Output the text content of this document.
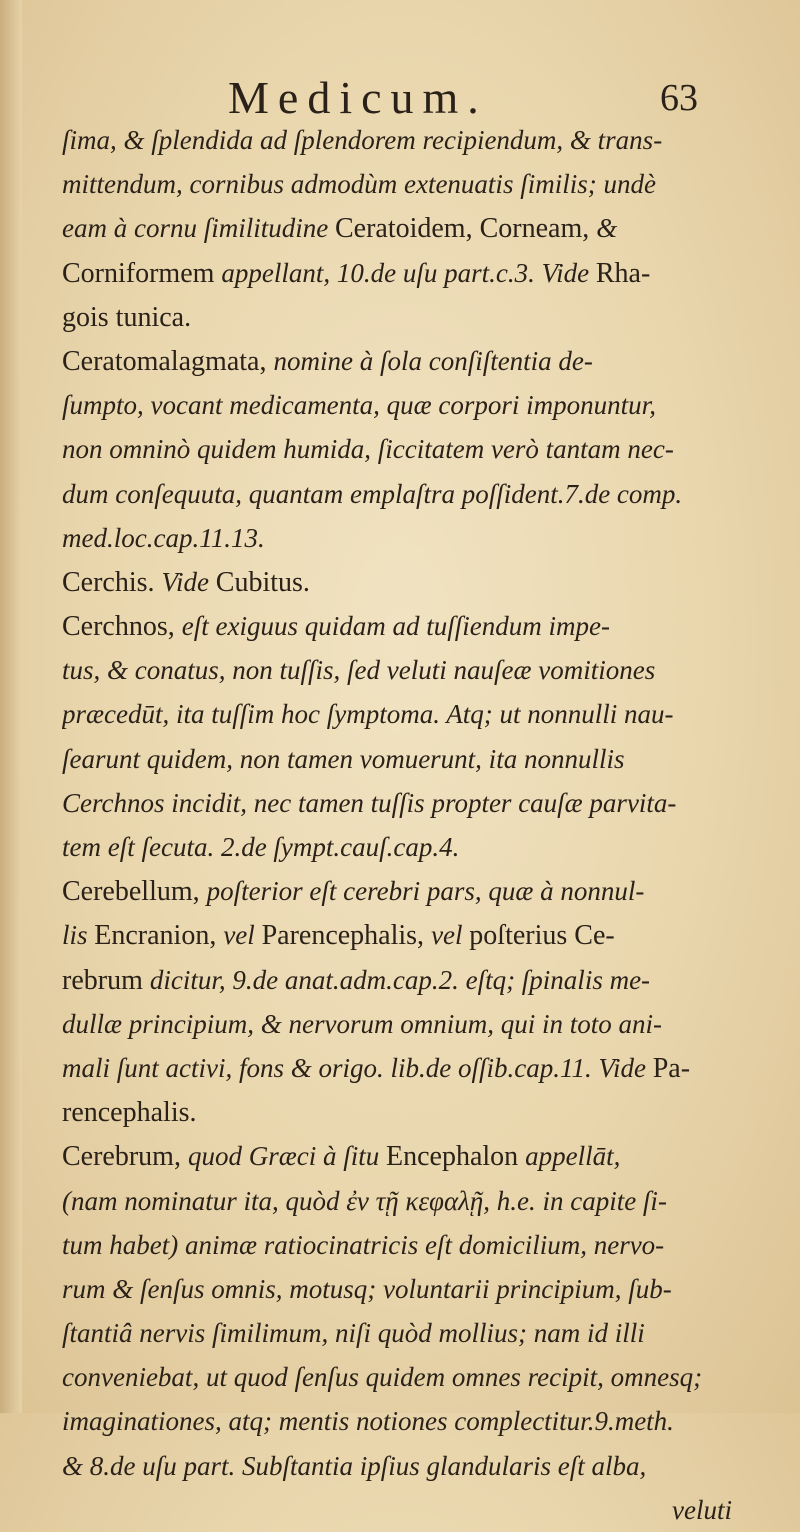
Medicum.	63
ſima, & ſplendida ad ſplendorem recipiendum, & trans-
mittendum, cornibus admodùm extenuatis ſimilis; undè
eam à cornu ſimilitudine Ceratoidem, Corneam, &
Corniformem appellant, 10.de uſu part.c.3. Vide Rha-
gois tunica.
Ceratomalagmata, nomine à ſola conſiſtentia de-
ſumpto, vocant medicamenta, quæ corpori imponuntur,
non omninò quidem humida, ſiccitatem verò tantam nec-
dum conſequuta, quantam emplaſtra poſſident.7.de comp.
med.loc.cap.11.13.
Cerchis. Vide Cubitus.
Cerchnos, eſt exiguus quidam ad tuſſiendum impe-
tus, & conatus, non tuſſis, ſed veluti nauſeæ vomitiones
præcedūt, ita tuſſim hoc ſymptoma. Atq; ut nonnulli nau-
ſearunt quidem, non tamen vomuerunt, ita nonnullis
Cerchnos incidit, nec tamen tuſſis propter cauſæ parvita-
tem eſt ſecuta. 2.de ſympt.cauſ.cap.4.
Cerebellum, poſterior eſt cerebri pars, quæ à nonnul-
lis Encranion, vel Parencephalis, vel poſterius Ce-
rebrum dicitur, 9.de anat.adm.cap.2. eſtq; ſpinalis me-
dullæ principium, & nervorum omnium, qui in toto ani-
mali ſunt activi, fons & origo. lib.de oſſib.cap.11. Vide Pa-
rencephalis.
Cerebrum, quod Græci à ſitu Encephalon appellāt,
(nam nominatur ita, quòd ἐν τῇ κεφαλῇ, h.e. in capite ſi-
tum habet) animæ ratiocinatricis eſt domicilium, nervo-
rum & ſenſus omnis, motusq; voluntarii principium, ſub-
ſtantiâ nervis ſimilimum, niſi quòd mollius; nam id illi
conveniebat, ut quod ſenſus quidem omnes recipit, omnesq;
imaginationes, atq; mentis notiones complectitur.9.meth.
& 8.de uſu part. Subſtantia ipſius glandularis eſt alba,
veluti
